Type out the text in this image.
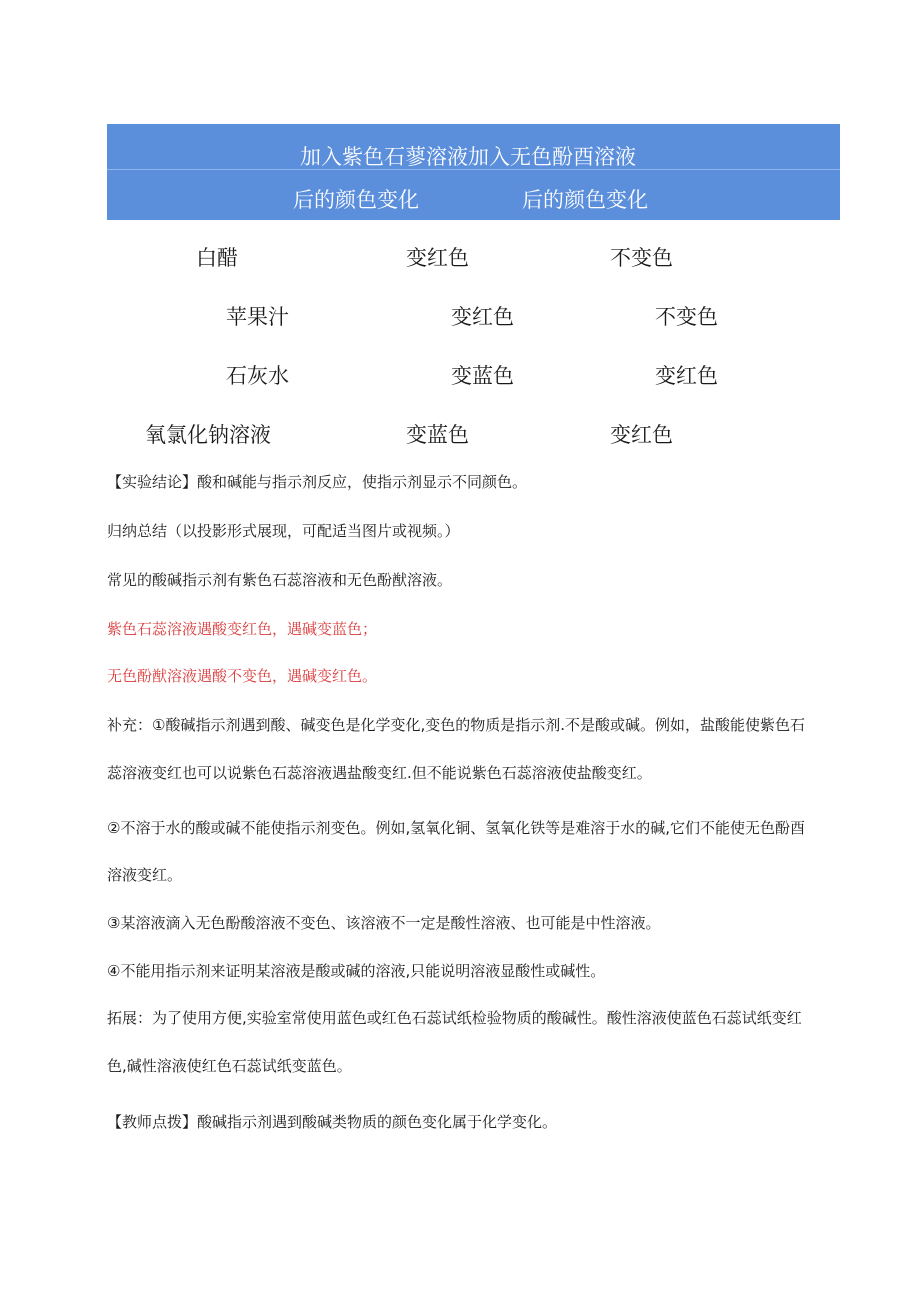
加入紫色石蓼溶液加入无色酚酉溶液
后的颜色变化	后的颜色变化
白醋	变红色	不变色
苹果汁	变红色	不变色
石灰水	变蓝色	变红色
氧氯化钠溶液	变蓝色	变红色
【实验结论】酸和碱能与指示剂反应，使指示剂显示不同颜色。
归纳总结（以投影形式展现，可配适当图片或视频。）
常见的酸碱指示剂有紫色石蕊溶液和无色酚猷溶液。
紫色石蕊溶液遇酸变红色，遇碱变蓝色；
无色酚猷溶液遇酸不变色，遇碱变红色。
补充：①酸碱指示剂遇到酸、碱变色是化学变化,变色的物质是指示剂.不是酸或碱。例如，盐酸能使紫色石
蕊溶液变红也可以说紫色石蕊溶液遇盐酸变红.但不能说紫色石蕊溶液使盐酸变红。
②不溶于水的酸或碱不能使指示剂变色。例如,氢氧化铜、氢氧化铁等是难溶于水的碱,它们不能使无色酚酉
溶液变红。
③某溶液滴入无色酚酸溶液不变色、该溶液不一定是酸性溶液、也可能是中性溶液。
④不能用指示剂来证明某溶液是酸或碱的溶液,只能说明溶液显酸性或碱性。
拓展：为了使用方便,实验室常使用蓝色或红色石蕊试纸检验物质的酸碱性。酸性溶液使蓝色石蕊试纸变红
色,碱性溶液使红色石蕊试纸变蓝色。
【教师点拨】酸碱指示剂遇到酸碱类物质的颜色变化属于化学变化。
